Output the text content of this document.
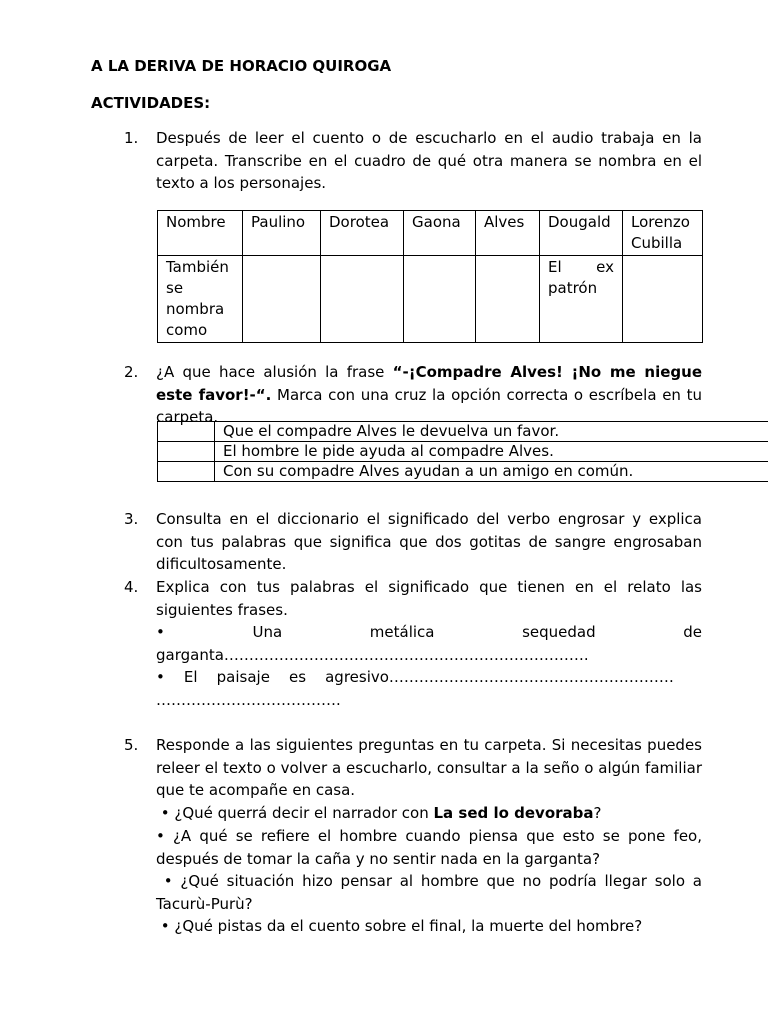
A LA DERIVA DE HORACIO QUIROGA
ACTIVIDADES:
1. Después de leer el cuento o de escucharlo en el audio trabaja en la carpeta. Transcribe en el cuadro de qué otra manera se nombra en el texto a los personajes.
Nombre	Paulino	Dorotea	Gaona	Alves	Dougald	Lorenzo Cubilla
También se nombra como					El ex patrón	
2. ¿A que hace alusión la frase “-¡Compadre Alves! ¡No me niegue este favor!-“. Marca con una cruz la opción correcta o escríbela en tu carpeta.
	Que el compadre Alves le devuelva un favor.
	El hombre le pide ayuda al compadre Alves.
	Con su compadre Alves ayudan a un amigo en común.
3. Consulta en el diccionario el significado del verbo engrosar y explica con tus palabras que significa que dos gotitas de sangre engrosaban dificultosamente.
4. Explica con tus palabras el significado que tienen en el relato las siguientes frases.
•        Una        metálica        sequedad        de
garganta……………………………………………………………….
•    El    paisaje    es    agresivo…………………………………………………
……………………………….
5. Responde a las siguientes preguntas en tu carpeta. Si necesitas puedes releer el texto o volver a escucharlo, consultar a la seño o algún familiar que te acompañe en casa.
• ¿Qué querrá decir el narrador con La sed lo devoraba?
• ¿A qué se refiere el hombre cuando piensa que esto se pone feo, después de tomar la caña y no sentir nada en la garganta?
• ¿Qué situación hizo pensar al hombre que no podría llegar solo a Tacurù-Purù?
• ¿Qué pistas da el cuento sobre el final, la muerte del hombre?
